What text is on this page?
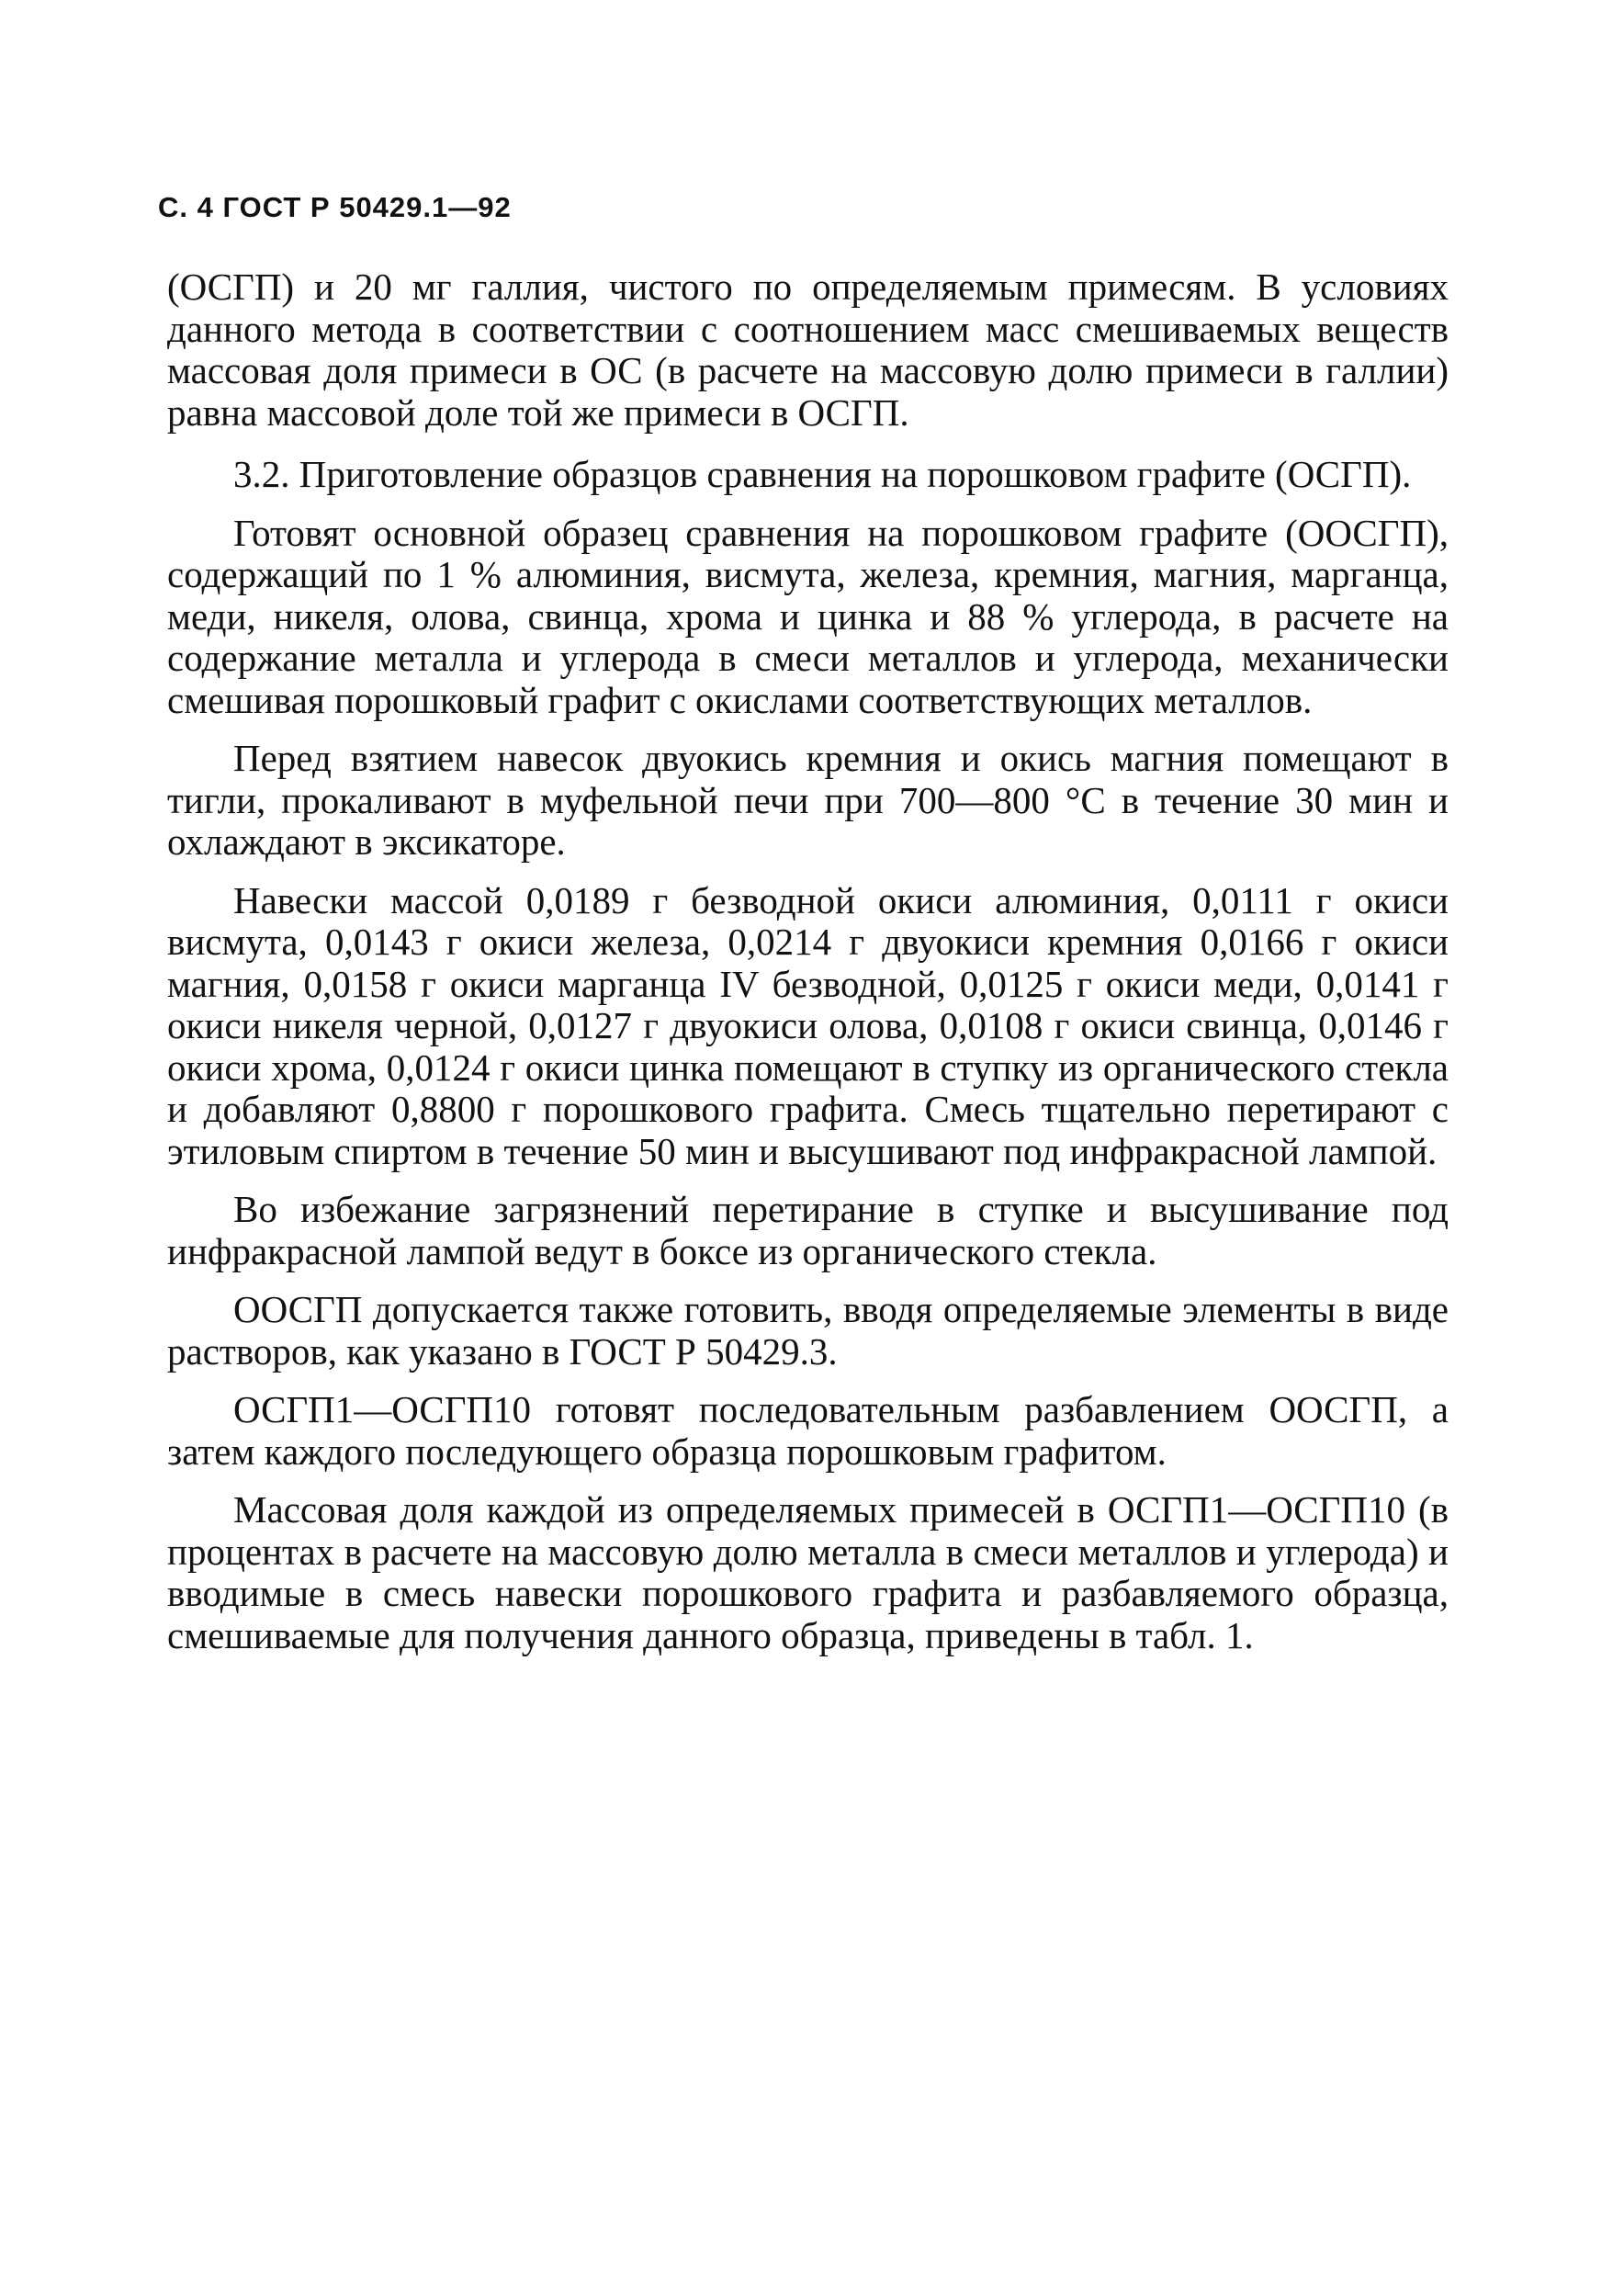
С. 4 ГОСТ Р 50429.1—92

(ОСГП) и 20 мг галлия, чистого по определяемым примесям. В условиях данного метода в соответствии с соотношением масс смешиваемых веществ массовая доля примеси в ОС (в расчете на массовую долю примеси в галлии) равна массовой доле той же примеси в ОСГП.

3.2. Приготовление образцов сравнения на порошковом графите (ОСГП).

Готовят основной образец сравнения на порошковом графите (ООСГП), содержащий по 1 % алюминия, висмута, железа, кремния, магния, марганца, меди, никеля, олова, свинца, хрома и цинка и 88 % углерода, в расчете на содержание металла и углерода в смеси металлов и углерода, механически смешивая порошковый графит с окислами соответствующих металлов.

Перед взятием навесок двуокись кремния и окись магния помещают в тигли, прокаливают в муфельной печи при 700—800 °С в течение 30 мин и охлаждают в эксикаторе.

Навески массой 0,0189 г безводной окиси алюминия, 0,0111 г окиси висмута, 0,0143 г окиси железа, 0,0214 г двуокиси кремния 0,0166 г окиси магния, 0,0158 г окиси марганца IV безводной, 0,0125 г окиси меди, 0,0141 г окиси никеля черной, 0,0127 г двуокиси олова, 0,0108 г окиси свинца, 0,0146 г окиси хрома, 0,0124 г окиси цинка помещают в ступку из органического стекла и добавляют 0,8800 г порошкового графита. Смесь тщательно перетирают с этиловым спиртом в течение 50 мин и высушивают под инфракрасной лампой.

Во избежание загрязнений перетирание в ступке и высушивание под инфракрасной лампой ведут в боксе из органического стекла.

ООСГП допускается также готовить, вводя определяемые элементы в виде растворов, как указано в ГОСТ Р 50429.3.

ОСГП1—ОСГП10 готовят последовательным разбавлением ООСГП, а затем каждого последующего образца порошковым графитом.

Массовая доля каждой из определяемых примесей в ОСГП1—ОСГП10 (в процентах в расчете на массовую долю металла в смеси металлов и углерода) и вводимые в смесь навески порошкового графита и разбавляемого образца, смешиваемые для получения данного образца, приведены в табл. 1.
